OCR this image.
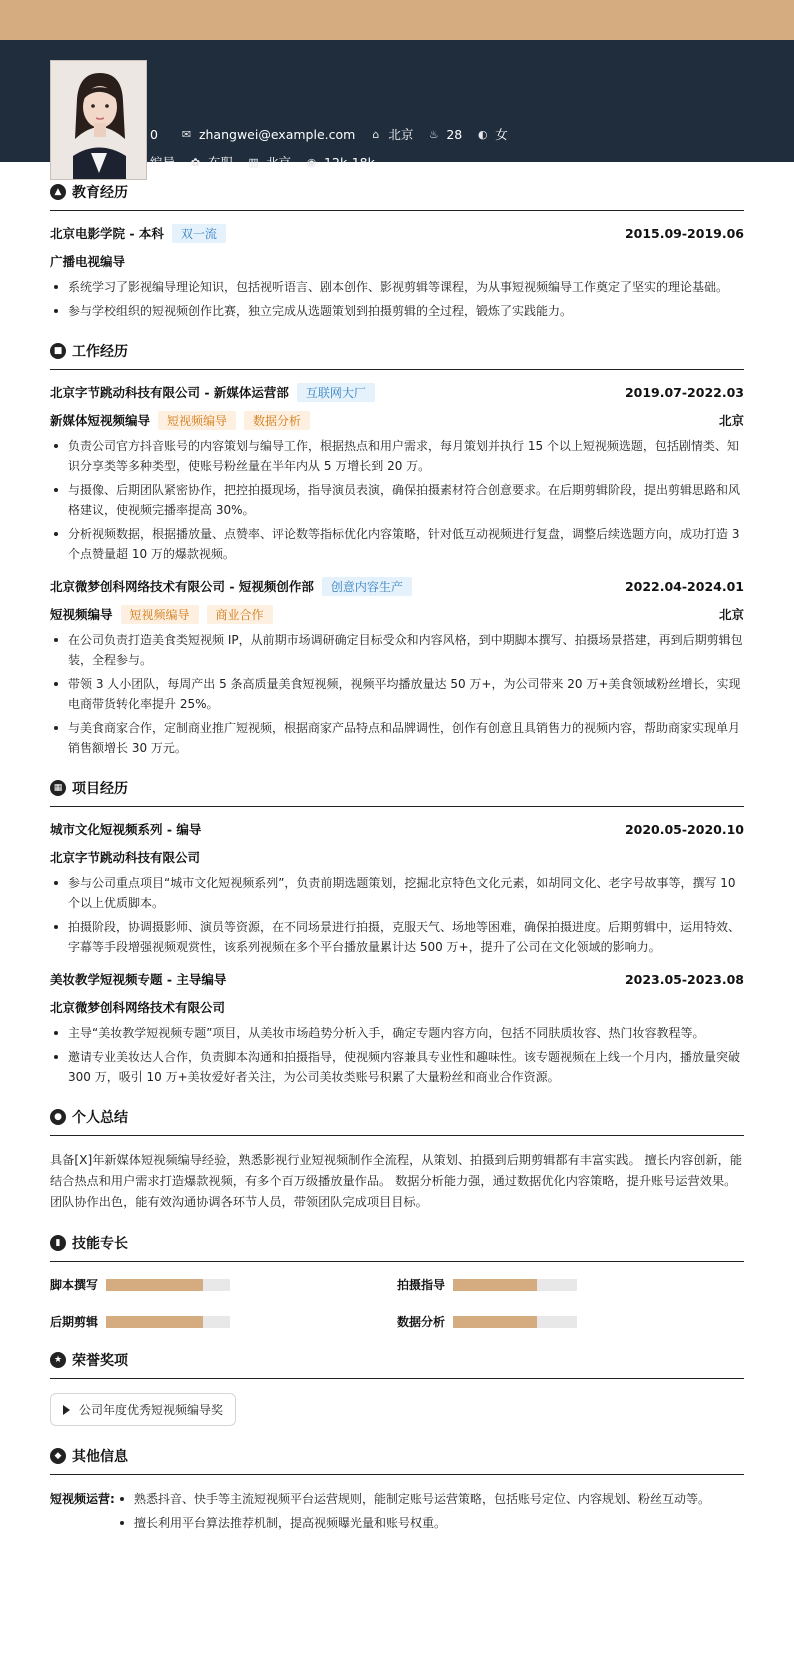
0 ✉ zhangwei@example.com ⌂ 北京 ♨ 28 ◐ 女
编导 ✿ 在职 ▥ 北京 ◉ 12k-18k
▲ 教育经历
北京电影学院 - 本科	双一流	2015.09-2019.06
广播电视编导
系统学习了影视编导理论知识，包括视听语言、剧本创作、影视剪辑等课程，为从事短视频编导工作奠定了坚实的理论基础。
参与学校组织的短视频创作比赛，独立完成从选题策划到拍摄剪辑的全过程，锻炼了实践能力。
■ 工作经历
北京字节跳动科技有限公司 - 新媒体运营部	互联网大厂	2019.07-2022.03
新媒体短视频编导	短视频编导	数据分析	北京
负责公司官方抖音账号的内容策划与编导工作，根据热点和用户需求，每月策划并执行 15 个以上短视频选题，包括剧情类、知识分享类等多种类型，使账号粉丝量在半年内从 5 万增长到 20 万。
与摄像、后期团队紧密协作，把控拍摄现场，指导演员表演，确保拍摄素材符合创意要求。在后期剪辑阶段，提出剪辑思路和风格建议，使视频完播率提高 30%。
分析视频数据，根据播放量、点赞率、评论数等指标优化内容策略，针对低互动视频进行复盘，调整后续选题方向，成功打造 3 个点赞量超 10 万的爆款视频。
北京微梦创科网络技术有限公司 - 短视频创作部	创意内容生产	2022.04-2024.01
短视频编导	短视频编导	商业合作	北京
在公司负责打造美食类短视频 IP，从前期市场调研确定目标受众和内容风格，到中期脚本撰写、拍摄场景搭建，再到后期剪辑包装，全程参与。
带领 3 人小团队，每周产出 5 条高质量美食短视频，视频平均播放量达 50 万+，为公司带来 20 万+美食领域粉丝增长，实现电商带货转化率提升 25%。
与美食商家合作，定制商业推广短视频，根据商家产品特点和品牌调性，创作有创意且具销售力的视频内容，帮助商家实现单月销售额增长 30 万元。
▦ 项目经历
城市文化短视频系列 - 编导	2020.05-2020.10
北京字节跳动科技有限公司
参与公司重点项目“城市文化短视频系列”，负责前期选题策划，挖掘北京特色文化元素，如胡同文化、老字号故事等，撰写 10 个以上优质脚本。
拍摄阶段，协调摄影师、演员等资源，在不同场景进行拍摄，克服天气、场地等困难，确保拍摄进度。后期剪辑中，运用特效、字幕等手段增强视频观赏性，该系列视频在多个平台播放量累计达 500 万+，提升了公司在文化领域的影响力。
美妆教学短视频专题 - 主导编导	2023.05-2023.08
北京微梦创科网络技术有限公司
主导“美妆教学短视频专题”项目，从美妆市场趋势分析入手，确定专题内容方向，包括不同肤质妆容、热门妆容教程等。
邀请专业美妆达人合作，负责脚本沟通和拍摄指导，使视频内容兼具专业性和趣味性。该专题视频在上线一个月内，播放量突破 300 万，吸引 10 万+美妆爱好者关注，为公司美妆类账号积累了大量粉丝和商业合作资源。
● 个人总结
具备[X]年新媒体短视频编导经验，熟悉影视行业短视频制作全流程，从策划、拍摄到后期剪辑都有丰富实践。 擅长内容创新，能结合热点和用户需求打造爆款视频，有多个百万级播放量作品。 数据分析能力强，通过数据优化内容策略，提升账号运营效果。 团队协作出色，能有效沟通协调各环节人员，带领团队完成项目目标。
▮ 技能专长
脚本撰写	拍摄指导
后期剪辑	数据分析
★ 荣誉奖项
公司年度优秀短视频编导奖
◆ 其他信息
短视频运营:	熟悉抖音、快手等主流短视频平台运营规则，能制定账号运营策略，包括账号定位、内容规划、粉丝互动等。
擅长利用平台算法推荐机制，提高视频曝光量和账号权重。
